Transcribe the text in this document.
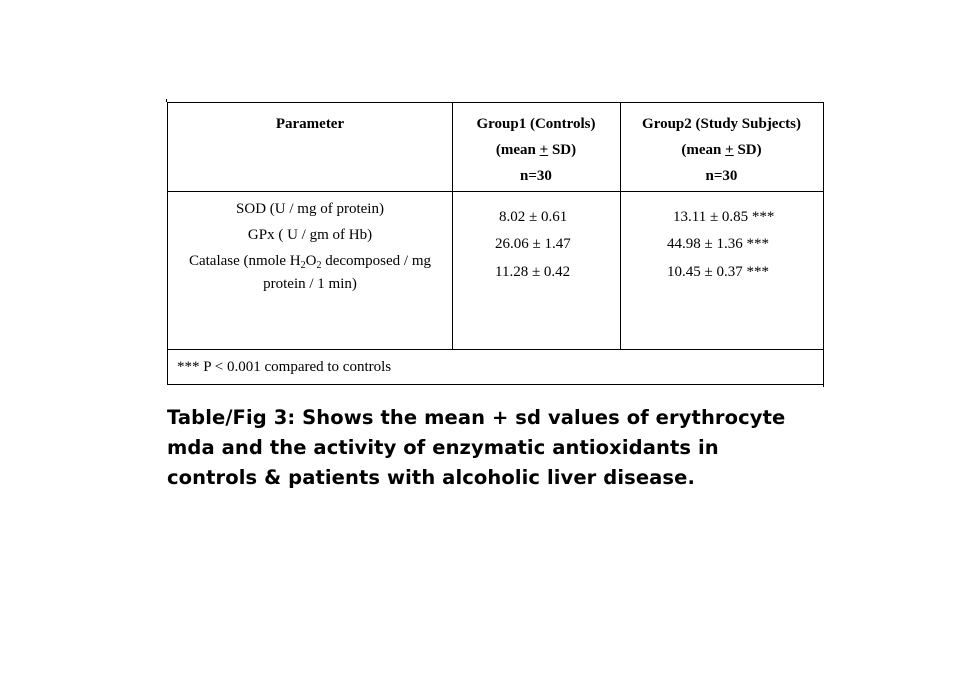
Parameter	Group1 (Controls)
(mean + SD)
n=30
Group2 (Study Subjects)
(mean + SD)
n=30
SOD (U / mg of protein)
GPx ( U / gm of Hb)
Catalase (nmole $H_2O_2$ decomposed / mg
protein / 1 min)
8.02 ± 0.61
26.06 ± 1.47
11.28 ± 0.42
13.11 ± 0.85 ***
44.98 ± 1.36 ***
10.45 ± 0.37 ***
*** P < 0.001 compared to controls
Table/Fig 3: Shows the mean + sd values of erythrocyte
mda and the activity of enzymatic antioxidants in
controls & patients with alcoholic liver disease.
